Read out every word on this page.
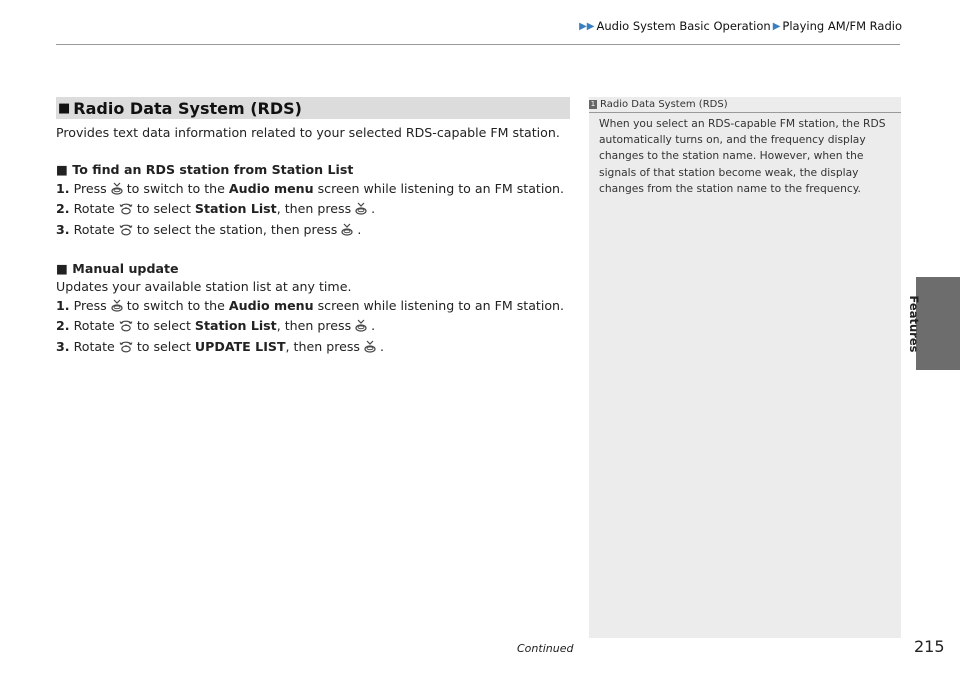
▶▶ Audio System Basic Operation ▶ Playing AM/FM Radio
Features
■ Radio Data System (RDS)

Provides text data information related to your selected RDS-capable FM station.

■ To find an RDS station from Station List

1. Press to switch to the Audio menu screen while listening to an FM station.

2. Rotate to select Station List, then press .

3. Rotate to select the station, then press .

■ Manual update

Updates your available station list at any time.

1. Press to switch to the Audio menu screen while listening to an FM station.

2. Rotate to select Station List, then press .

3. Rotate to select UPDATE LIST, then press .

1 Radio Data System (RDS)

When you select an RDS-capable FM station, the RDS

automatically turns on, and the frequency display

changes to the station name. However, when the

signals of that station become weak, the display

changes from the station name to the frequency.

Continued	215
